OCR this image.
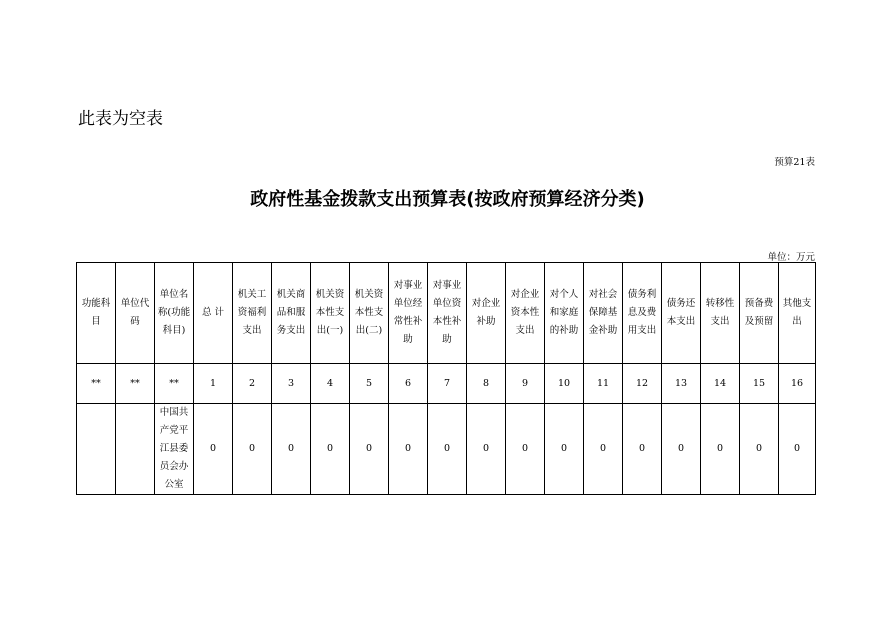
此表为空表
预算21表
政府性基金拨款支出预算表(按政府预算经济分类)
单位：万元
功能科目	单位代码	单位名称(功能科目)	总 计	机关工资福利支出	机关商品和服务支出	机关资本性支出(一)	机关资本性支出(二)	对事业单位经常性补助	对事业单位资本性补助	对企业补助	对企业资本性支出	对个人和家庭的补助	对社会保障基金补助	债务利息及费用支出	债务还本支出	转移性支出	预备费及预留	其他支出
**	**	**	1	2	3	4	5	6	7	8	9	10	11	12	13	14	15	16
		中国共产党平江县委员会办公室	0	0	0	0	0	0	0	0	0	0	0	0	0	0	0	0
